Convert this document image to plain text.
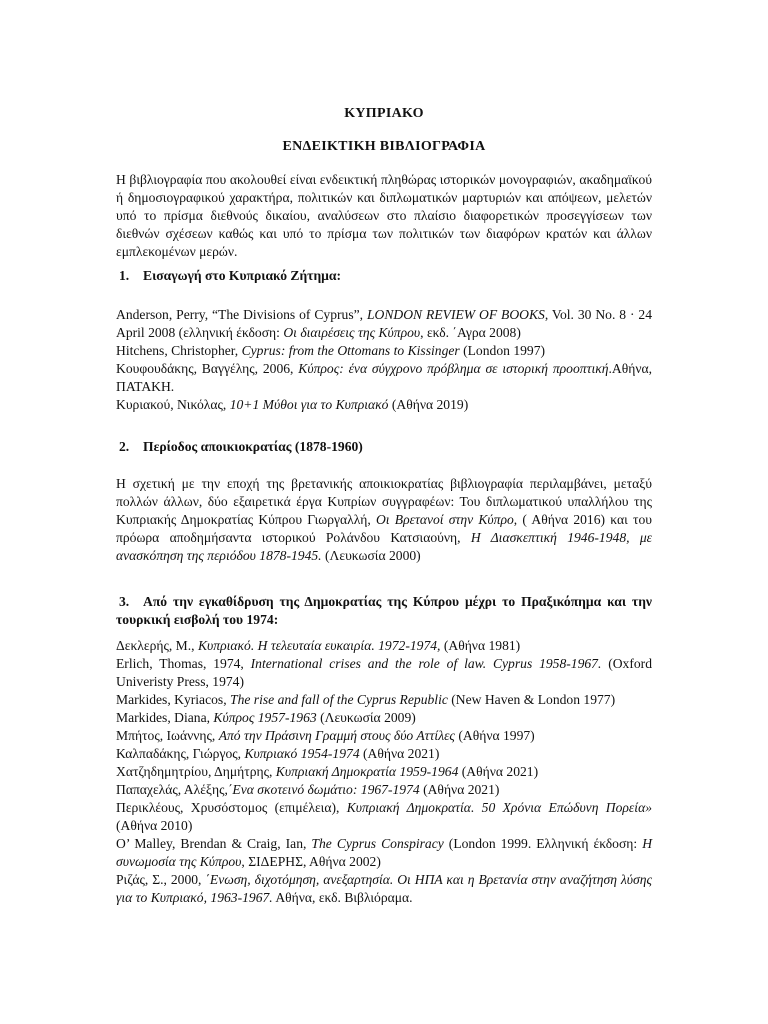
ΚΥΠΡΙΑΚΟ
ΕΝΔΕΙΚΤΙΚΗ ΒΙΒΛΙΟΓΡΑΦΙΑ
Η βιβλιογραφία που ακολουθεί είναι ενδεικτική πληθώρας ιστορικών μονογραφιών, ακαδημαϊκού ή δημοσιογραφικού χαρακτήρα, πολιτικών και διπλωματικών μαρτυριών και απόψεων, μελετών υπό το πρίσμα διεθνούς δικαίου, αναλύσεων στο πλαίσιο διαφορετικών προσεγγίσεων των διεθνών σχέσεων καθώς και υπό το πρίσμα των πολιτικών των διαφόρων κρατών και άλλων εμπλεκομένων μερών.
1. Εισαγωγή στο Κυπριακό Ζήτημα:
Anderson, Perry, “The Divisions of Cyprus”, LONDON REVIEW OF BOOKS, Vol. 30 No. 8 · 24 April 2008 (ελληνική έκδοση: Οι διαιρέσεις της Κύπρου, εκδ. ΄Αγρα 2008)
Hitchens, Christopher, Cyprus: from the Ottomans to Kissinger (London 1997)
Κουφουδάκης, Βαγγέλης, 2006, Κύπρος: ένα σύγχρονο πρόβλημα σε ιστορική προοπτική.Αθήνα, ΠΑΤΑΚΗ.
Κυριακού, Νικόλας, 10+1 Μύθοι για το Κυπριακό (Αθήνα 2019)
2. Περίοδος αποικιοκρατίας (1878-1960)
Η σχετική με την εποχή της βρετανικής αποικιοκρατίας βιβλιογραφία περιλαμβάνει, μεταξύ πολλών άλλων, δύο εξαιρετικά έργα Κυπρίων συγγραφέων: Του διπλωματικού υπαλλήλου της Κυπριακής Δημοκρατίας Κύπρου Γιωργαλλή, Οι Βρετανοί στην Κύπρο, ( Αθήνα 2016) και του πρόωρα αποδημήσαντα ιστορικού Ρολάνδου Κατσιαούνη, Η Διασκεπτική 1946-1948, με ανασκόπηση της περιόδου 1878-1945. (Λευκωσία 2000)
3. Από την εγκαθίδρυση της Δημοκρατίας της Κύπρου μέχρι το Πραξικόπημα και την τουρκική εισβολή του 1974:
Δεκλερής, Μ., Κυπριακό. Η τελευταία ευκαιρία. 1972-1974, (Αθήνα 1981)
Erlich, Thomas, 1974, International crises and the role of law. Cyprus 1958-1967. (Oxford Univeristy Press, 1974)
Markides, Kyriacos, The rise and fall of the Cyprus Republic (New Haven & London 1977)
Markides, Diana, Κύπρος 1957-1963 (Λευκωσία 2009)
Μπήτος, Ιωάννης, Από την Πράσινη Γραμμή στους δύο Αττίλες (Αθήνα 1997)
Καλπαδάκης, Γιώργος, Κυπριακό 1954-1974 (Αθήνα 2021)
Χατζηδημητρίου, Δημήτρης, Κυπριακή Δημοκρατία 1959-1964 (Αθήνα 2021)
Παπαχελάς, Αλέξης,΄Ενα σκοτεινό δωμάτιο: 1967-1974 (Αθήνα 2021)
Περικλέους, Χρυσόστομος (επιμέλεια), Κυπριακή Δημοκρατία. 50 Χρόνια Επώδυνη Πορεία» (Αθήνα 2010)
O’ Malley, Brendan & Craig, Ian, The Cyprus Conspiracy (London 1999. Ελληνική έκδοση: Η συνωμοσία της Κύπρου, ΣΙΔΕΡΗΣ, Αθήνα 2002)
Ριζάς, Σ., 2000, ΄Ενωση, διχοτόμηση, ανεξαρτησία. Οι ΗΠΑ και η Βρετανία στην αναζήτηση λύσης για το Κυπριακό, 1963-1967. Αθήνα, εκδ. Βιβλιόραμα.
